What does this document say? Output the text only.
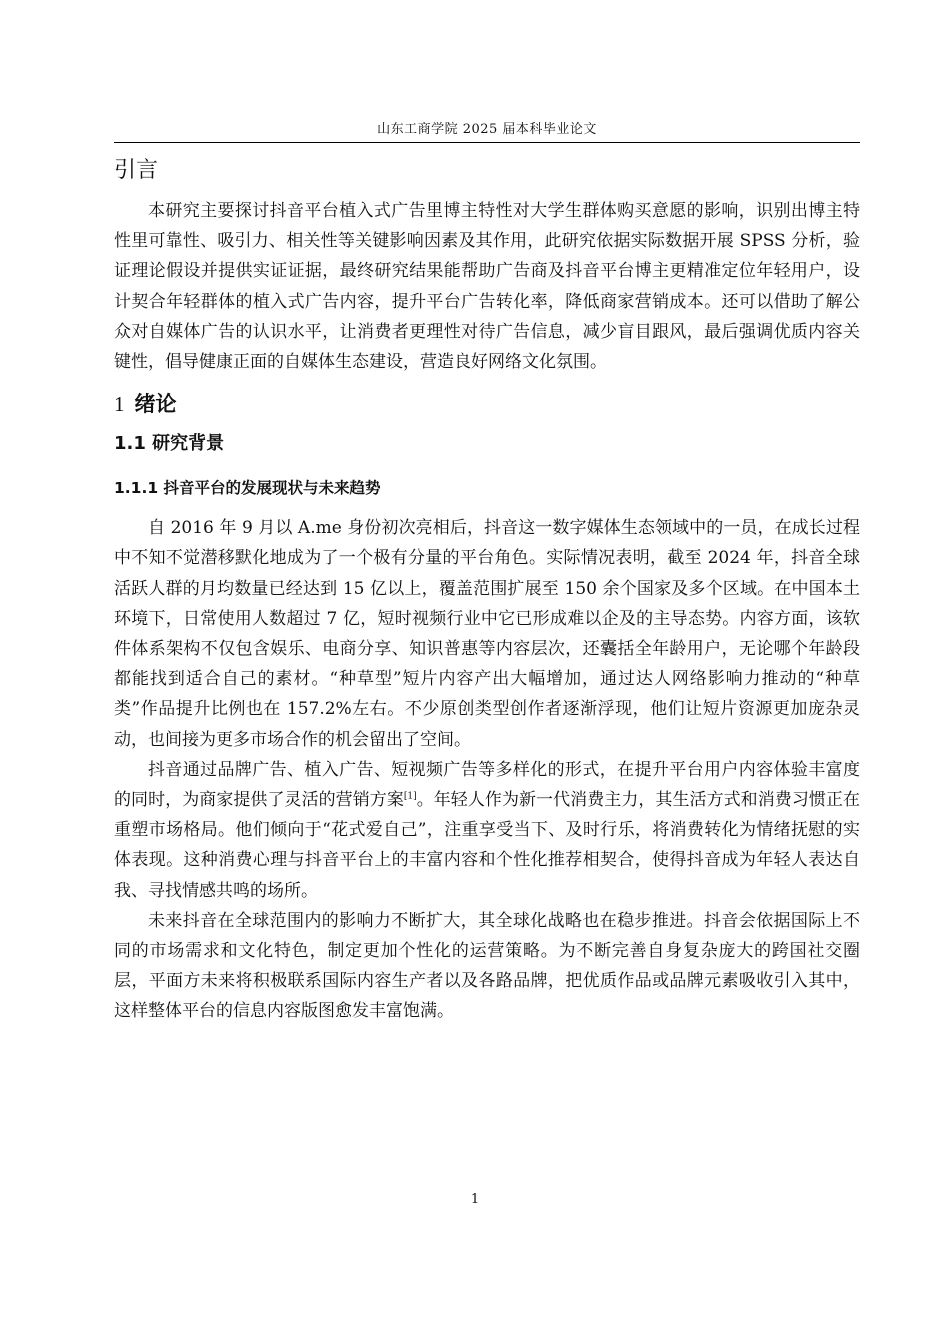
山东工商学院 2025 届本科毕业论文
引言

本研究主要探讨抖音平台植入式广告里博主特性对大学生群体购买意愿的影响，识别出博主特性里可靠性、吸引力、相关性等关键影响因素及其作用，此研究依据实际数据开展 SPSS 分析，验证理论假设并提供实证证据，最终研究结果能帮助广告商及抖音平台博主更精准定位年轻用户，设计契合年轻群体的植入式广告内容，提升平台广告转化率，降低商家营销成本。还可以借助了解公众对自媒体广告的认识水平，让消费者更理性对待广告信息，减少盲目跟风，最后强调优质内容关键性，倡导健康正面的自媒体生态建设，营造良好网络文化氛围。

1 绪论
1.1 研究背景
1.1.1 抖音平台的发展现状与未来趋势

自 2016 年 9 月以 A.me 身份初次亮相后，抖音这一数字媒体生态领域中的一员，在成长过程中不知不觉潜移默化地成为了一个极有分量的平台角色。实际情况表明，截至 2024 年，抖音全球活跃人群的月均数量已经达到 15 亿以上，覆盖范围扩展至 150 余个国家及多个区域。在中国本土环境下，日常使用人数超过 7 亿，短时视频行业中它已形成难以企及的主导态势。内容方面，该软件体系架构不仅包含娱乐、电商分享、知识普惠等内容层次，还囊括全年龄用户，无论哪个年龄段都能找到适合自己的素材。“种草型”短片内容产出大幅增加，通过达人网络影响力推动的“种草类”作品提升比例也在 157.2%左右。不少原创类型创作者逐渐浮现，他们让短片资源更加庞杂灵动，也间接为更多市场合作的机会留出了空间。

抖音通过品牌广告、植入广告、短视频广告等多样化的形式，在提升平台用户内容体验丰富度的同时，为商家提供了灵活的营销方案[1]。年轻人作为新一代消费主力，其生活方式和消费习惯正在重塑市场格局。他们倾向于“花式爱自己”，注重享受当下、及时行乐，将消费转化为情绪抚慰的实体表现。这种消费心理与抖音平台上的丰富内容和个性化推荐相契合，使得抖音成为年轻人表达自我、寻找情感共鸣的场所。

未来抖音在全球范围内的影响力不断扩大，其全球化战略也在稳步推进。抖音会依据国际上不同的市场需求和文化特色，制定更加个性化的运营策略。为不断完善自身复杂庞大的跨国社交圈层，平面方未来将积极联系国际内容生产者以及各路品牌，把优质作品或品牌元素吸收引入其中，这样整体平台的信息内容版图愈发丰富饱满。

1
